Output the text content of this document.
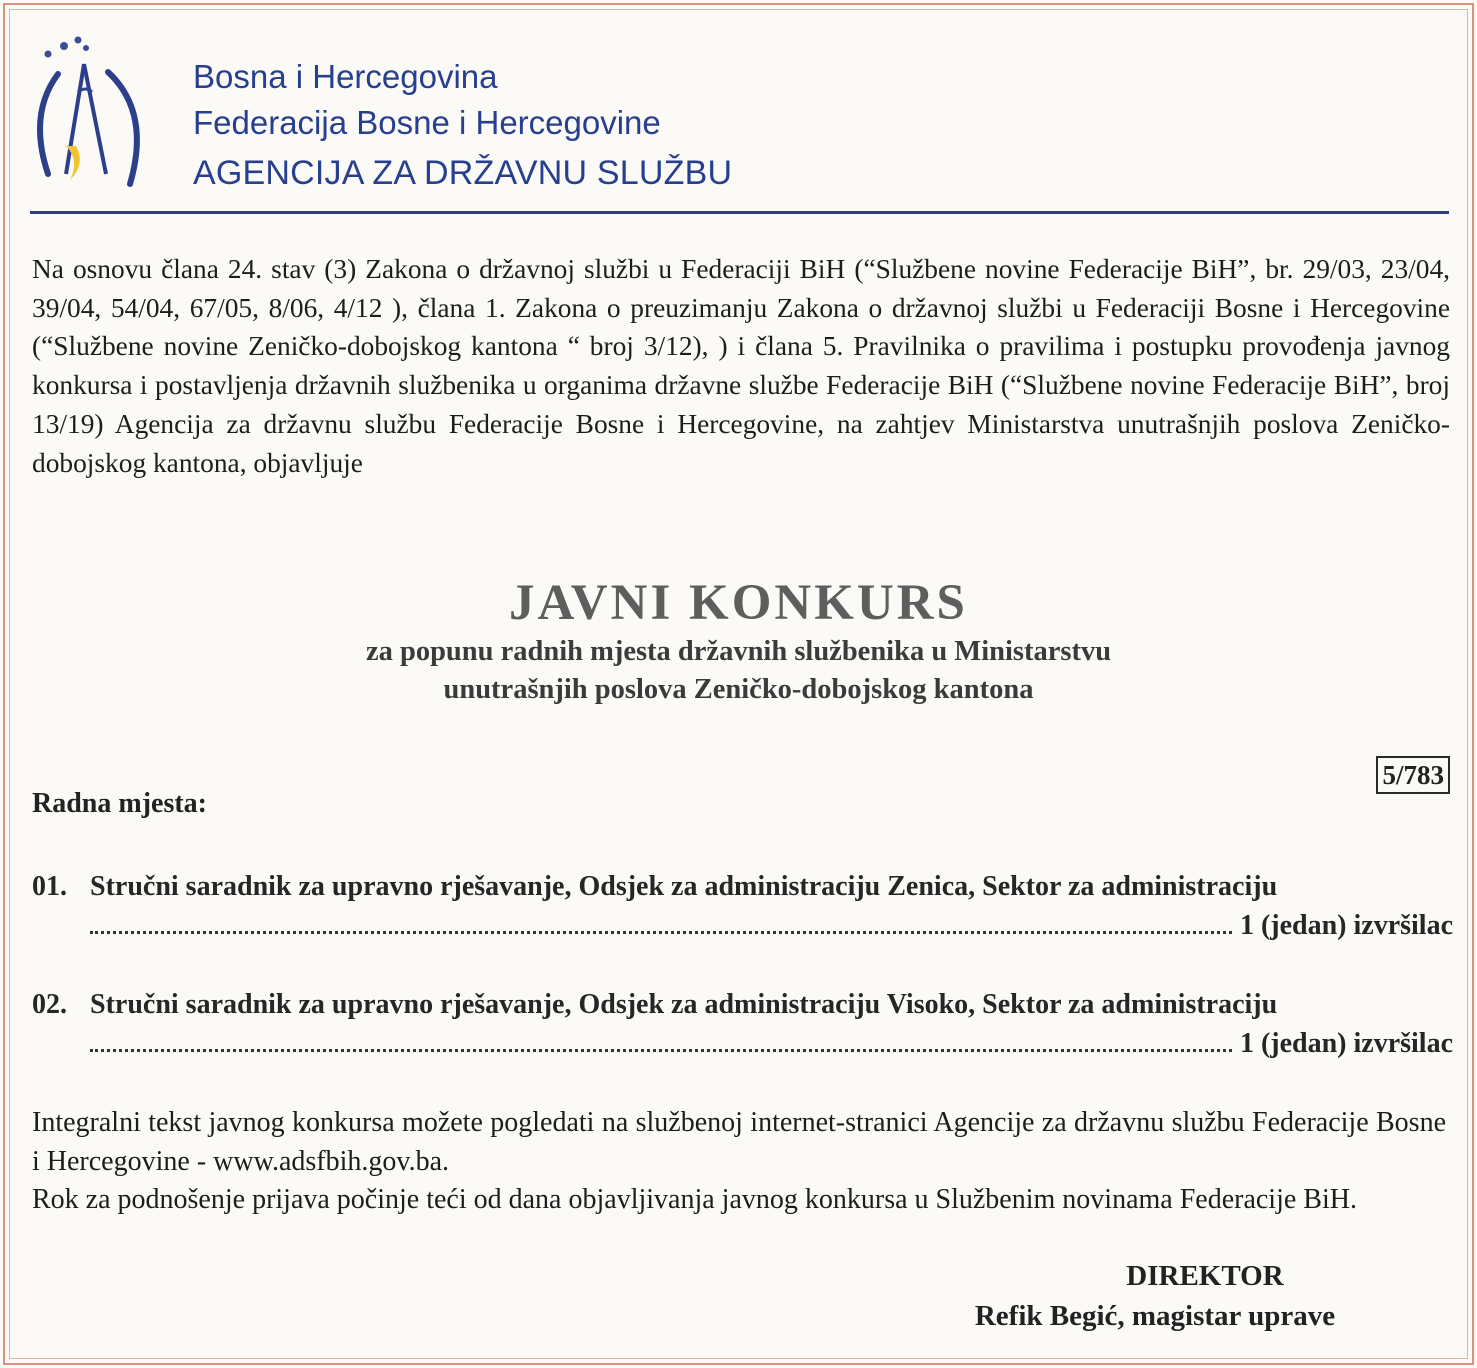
Bosna i Hercegovina
Federacija Bosne i Hercegovine
AGENCIJA ZA DRŽAVNU SLUŽBU
Na osnovu člana 24. stav (3) Zakona o državnoj službi u Federaciji BiH (“Službene novine Federacije BiH”, br. 29/03, 23/04, 39/04, 54/04, 67/05, 8/06, 4/12 ), člana 1. Zakona o preuzimanju Zakona o državnoj službi u Federaciji Bosne i Hercegovine (“Službene novine Zeničko-dobojskog kantona “ broj 3/12), ) i člana 5. Pravilnika o pravilima i postupku provođenja javnog konkursa i postavljenja državnih službenika u organima državne službe Federacije BiH (“Službene novine Federacije BiH”, broj 13/19) Agencija za državnu službu Federacije Bosne i Hercegovine, na zahtjev Ministarstva unutrašnjih poslova Zeničko-dobojskog kantona, objavljuje
JAVNI KONKURS
za popunu radnih mjesta državnih službenika u Ministarstvu
unutrašnjih poslova Zeničko-dobojskog kantona
5/783
Radna mjesta:
01. Stručni saradnik za upravno rješavanje, Odsjek za administraciju Zenica, Sektor za administraciju
1 (jedan) izvršilac
02. Stručni saradnik za upravno rješavanje, Odsjek za administraciju Visoko, Sektor za administraciju
1 (jedan) izvršilac

Integralni tekst javnog konkursa možete pogledati na službenoj internet-stranici Agencije za državnu službu Federacije Bosne i Hercegovine - www.adsfbih.gov.ba.

Rok za podnošenje prijava počinje teći od dana objavljivanja javnog konkursa u Službenim novinama Federacije BiH.

DIREKTOR
Refik Begić, magistar uprave
